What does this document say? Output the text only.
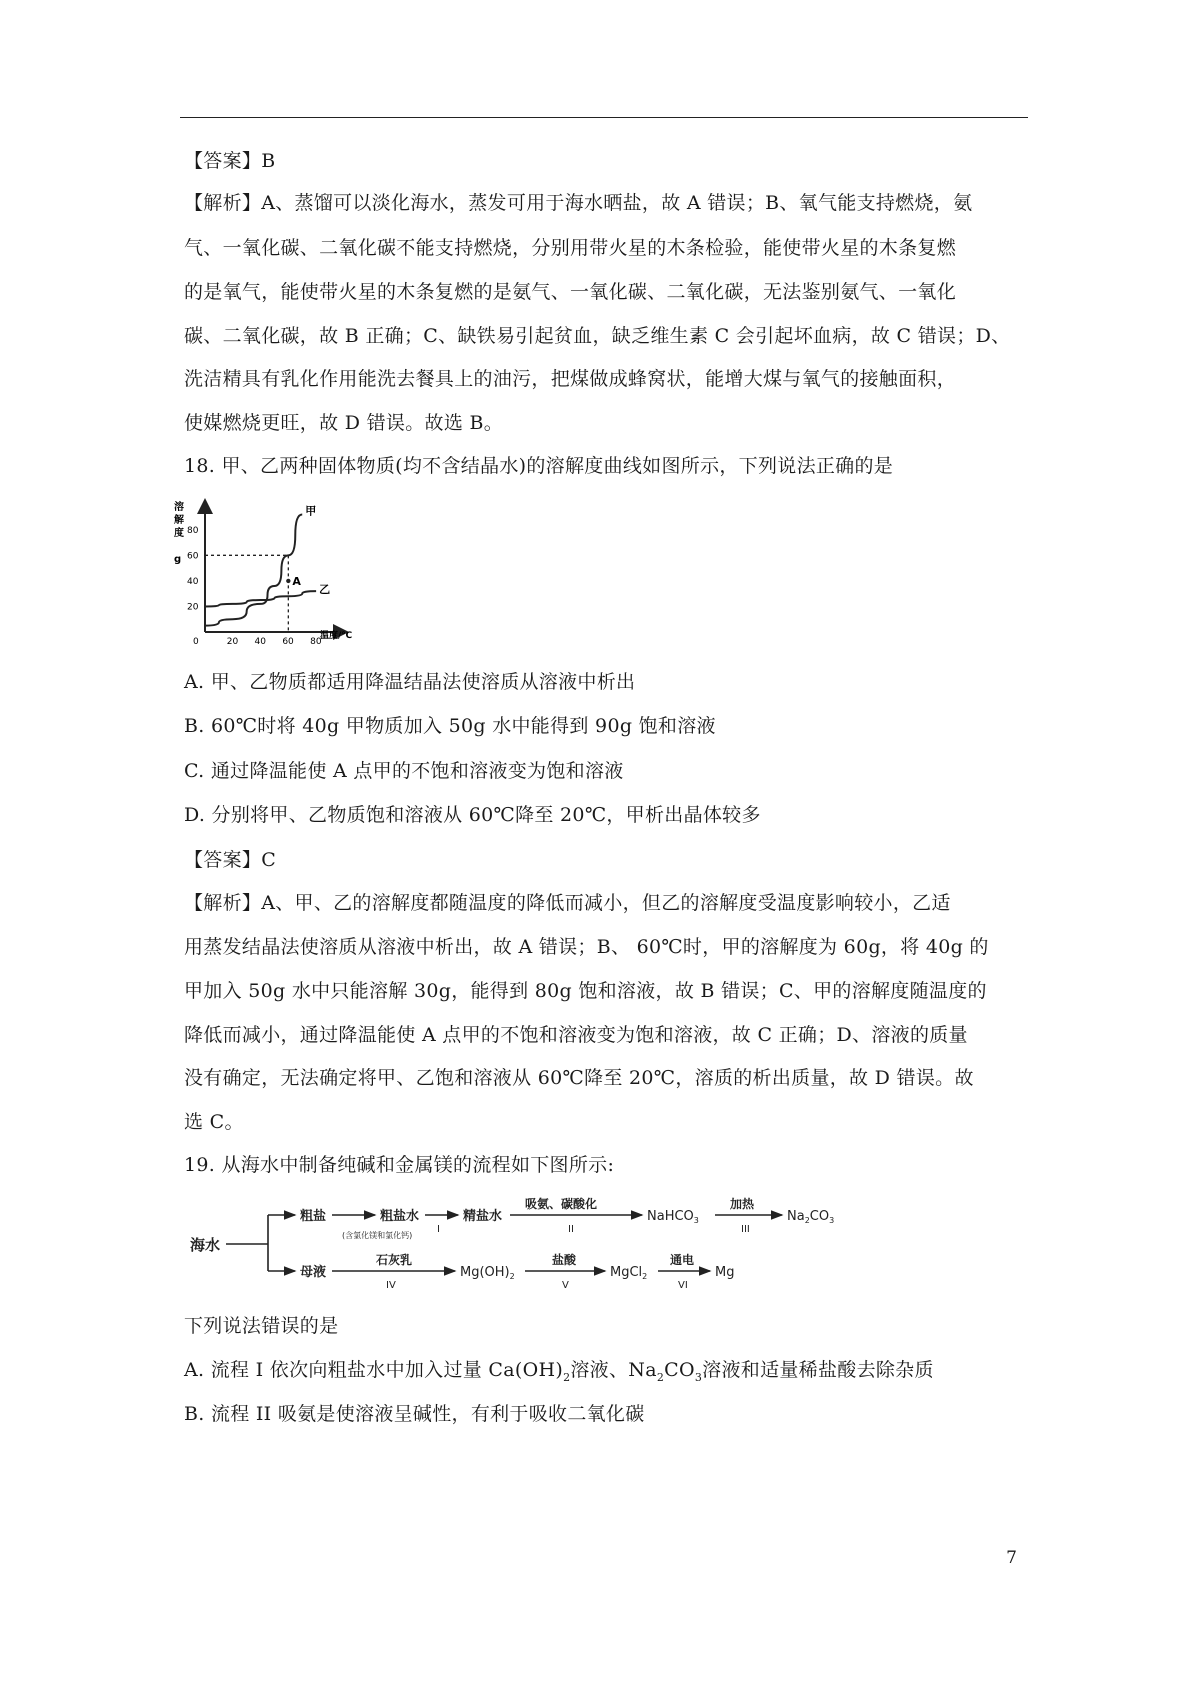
【答案】B
【解析】A、蒸馏可以淡化海水，蒸发可用于海水晒盐，故 A 错误；B、氧气能支持燃烧，氨
气、一氧化碳、二氧化碳不能支持燃烧，分别用带火星的木条检验，能使带火星的木条复燃
的是氧气，能使带火星的木条复燃的是氨气、一氧化碳、二氧化碳，无法鉴别氨气、一氧化
碳、二氧化碳，故 B 正确；C、缺铁易引起贫血，缺乏维生素 C 会引起坏血病，故 C 错误；D、
洗洁精具有乳化作用能洗去餐具上的油污，把煤做成蜂窝状，能增大煤与氧气的接触面积，
使媒燃烧更旺，故 D 错误。故选 B。
18. 甲、乙两种固体物质(均不含结晶水)的溶解度曲线如图所示，下列说法正确的是
溶
解
度
g
温度/℃
0	20 40 60 80
20
40
60
80
甲
乙
A
A. 甲、乙物质都适用降温结晶法使溶质从溶液中析出
B. 60℃时将 40g 甲物质加入 50g 水中能得到 90g 饱和溶液
C. 通过降温能使 A 点甲的不饱和溶液变为饱和溶液
D. 分别将甲、乙物质饱和溶液从 60℃降至 20℃，甲析出晶体较多
【答案】C
【解析】A、甲、乙的溶解度都随温度的降低而减小，但乙的溶解度受温度影响较小，乙适
用蒸发结晶法使溶质从溶液中析出，故 A 错误；B、 60℃时，甲的溶解度为 60g，将 40g 的
甲加入 50g 水中只能溶解 30g，能得到 80g 饱和溶液，故 B 错误；C、甲的溶解度随温度的
降低而减小，通过降温能使 A 点甲的不饱和溶液变为饱和溶液，故 C 正确；D、溶液的质量
没有确定，无法确定将甲、乙饱和溶液从 60℃降至 20℃，溶质的析出质量，故 D 错误。故
选 C。
19. 从海水中制备纯碱和金属镁的流程如下图所示:
海水
粗盐	粗盐水
(含氯化镁和氯化钙)
I
精盐水
吸氨、碳酸化
II
NaHCO$_3$
加热
III
$Na_2CO_3$
母液
石灰乳
IV
$Mg(OH)_2$
盐酸
V
MgCl$_2$
通电
VI
Mg
下列说法错误的是
A. 流程 I 依次向粗盐水中加入过量 $Ca(OH)_2$溶液、$Na_2CO_3$溶液和适量稀盐酸去除杂质
B. 流程 II 吸氨是使溶液呈碱性，有利于吸收二氧化碳
7
